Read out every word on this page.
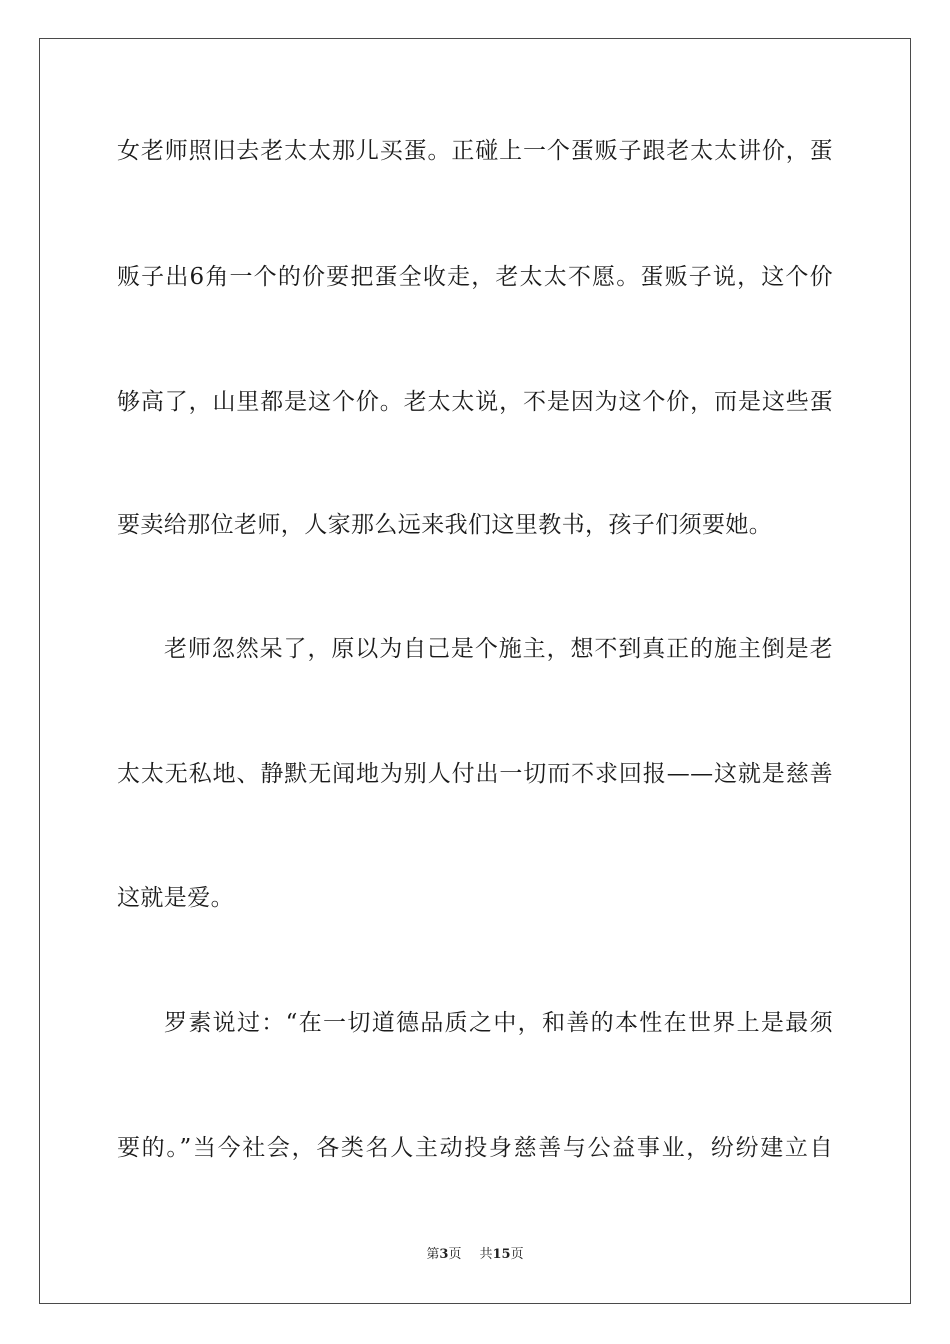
女老师照旧去老太太那儿买蛋。正碰上一个蛋贩子跟老太太讲价，蛋
贩子出6角一个的价要把蛋全收走，老太太不愿。蛋贩子说，这个价
够高了，山里都是这个价。老太太说，不是因为这个价，而是这些蛋
要卖给那位老师，人家那么远来我们这里教书，孩子们须要她。
老师忽然呆了，原以为自己是个施主，想不到真正的施主倒是老
太太无私地、静默无闻地为别人付出一切而不求回报——这就是慈善
这就是爱。
罗素说过：“在一切道德品质之中，和善的本性在世界上是最须
要的。”当今社会，各类名人主动投身慈善与公益事业，纷纷建立自
第3页 共15页
